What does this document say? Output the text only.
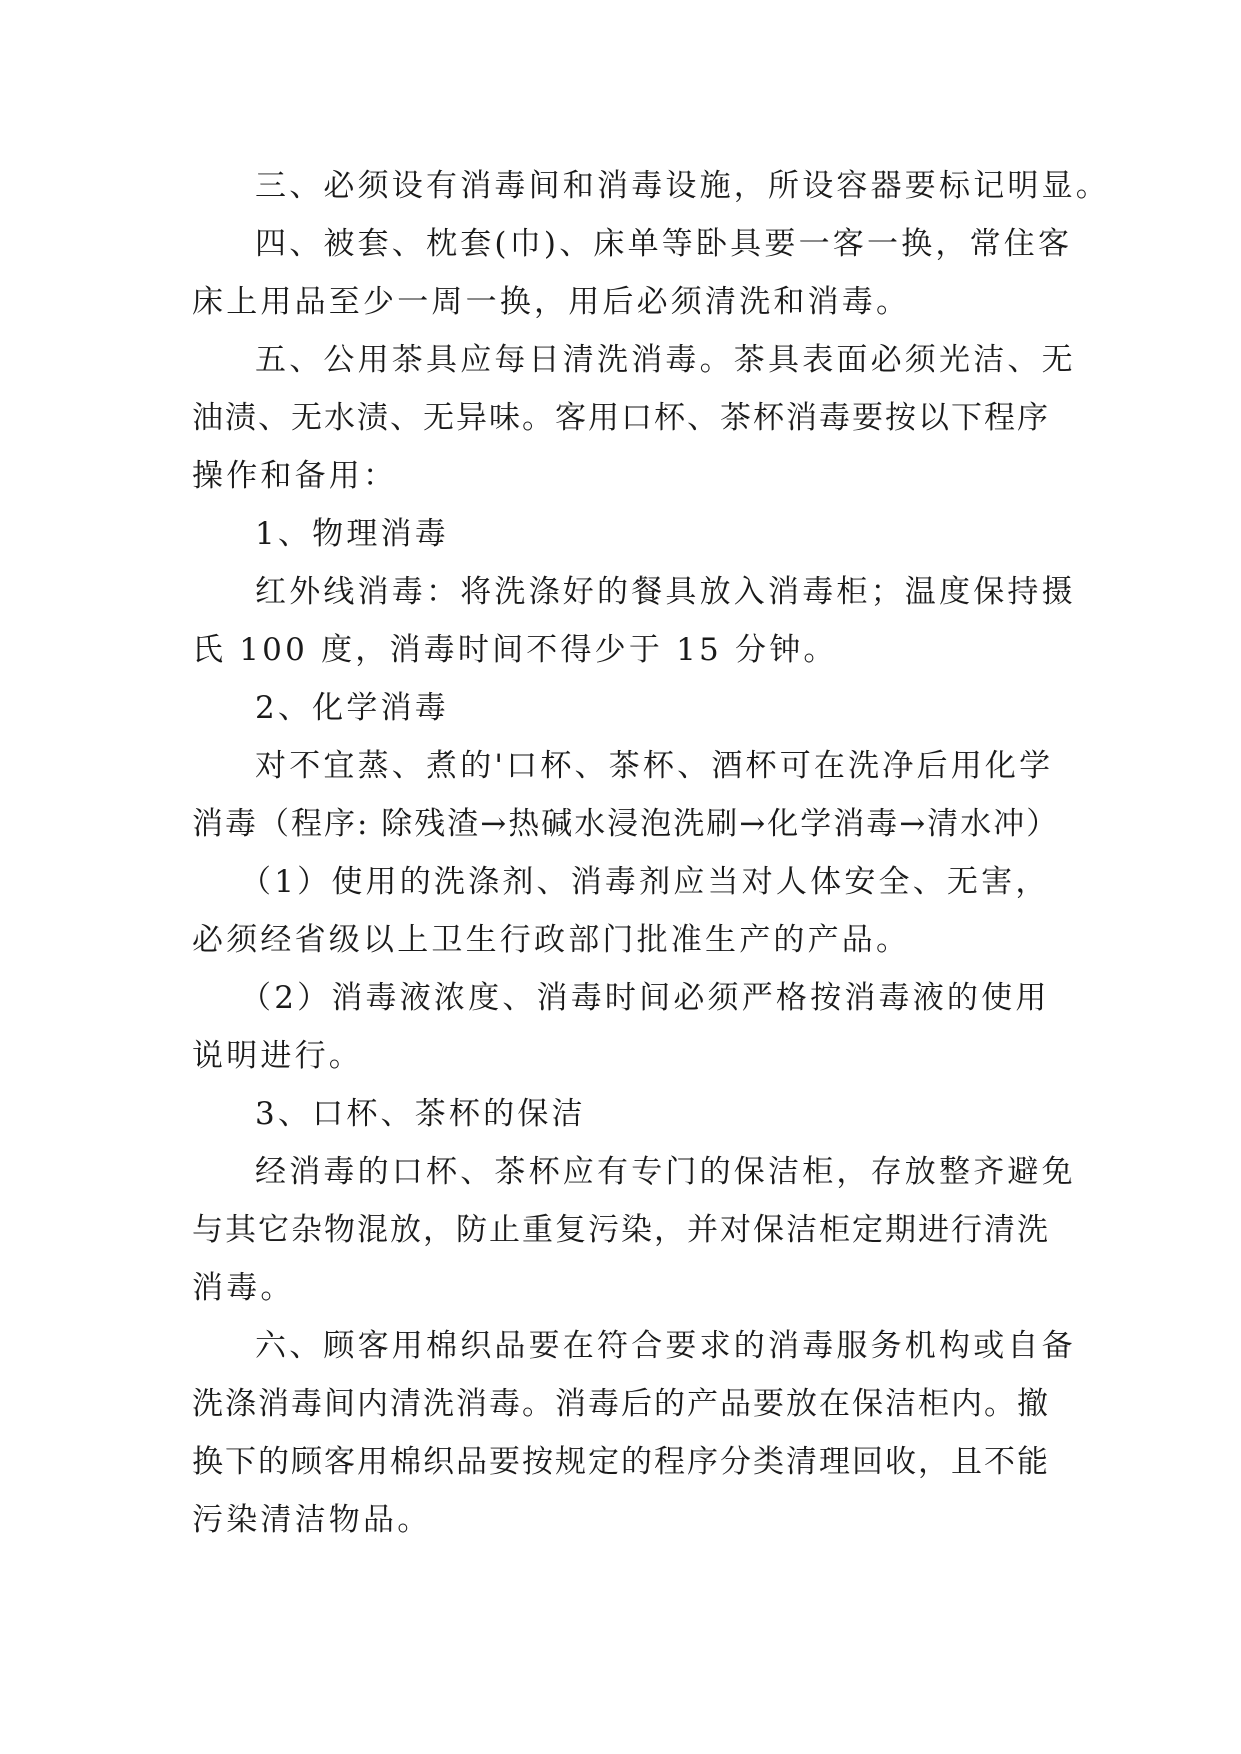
三、必须设有消毒间和消毒设施，所设容器要标记明显。
四、被套、枕套(巾)、床单等卧具要一客一换，常住客
床上用品至少一周一换，用后必须清洗和消毒。
五、公用茶具应每日清洗消毒。茶具表面必须光洁、无
油渍、无水渍、无异味。客用口杯、茶杯消毒要按以下程序
操作和备用：
1、物理消毒
红外线消毒：将洗涤好的餐具放入消毒柜；温度保持摄
氏 100 度，消毒时间不得少于 15 分钟。
2、化学消毒
对不宜蒸、煮的'口杯、茶杯、酒杯可在洗净后用化学
消毒（程序: 除残渣→热碱水浸泡洗刷→化学消毒→清水冲）
（1）使用的洗涤剂、消毒剂应当对人体安全、无害，
必须经省级以上卫生行政部门批准生产的产品。
（2）消毒液浓度、消毒时间必须严格按消毒液的使用
说明进行。
3、口杯、茶杯的保洁
经消毒的口杯、茶杯应有专门的保洁柜，存放整齐避免
与其它杂物混放，防止重复污染，并对保洁柜定期进行清洗
消毒。
六、顾客用棉织品要在符合要求的消毒服务机构或自备
洗涤消毒间内清洗消毒。消毒后的产品要放在保洁柜内。撤
换下的顾客用棉织品要按规定的程序分类清理回收，且不能
污染清洁物品。
